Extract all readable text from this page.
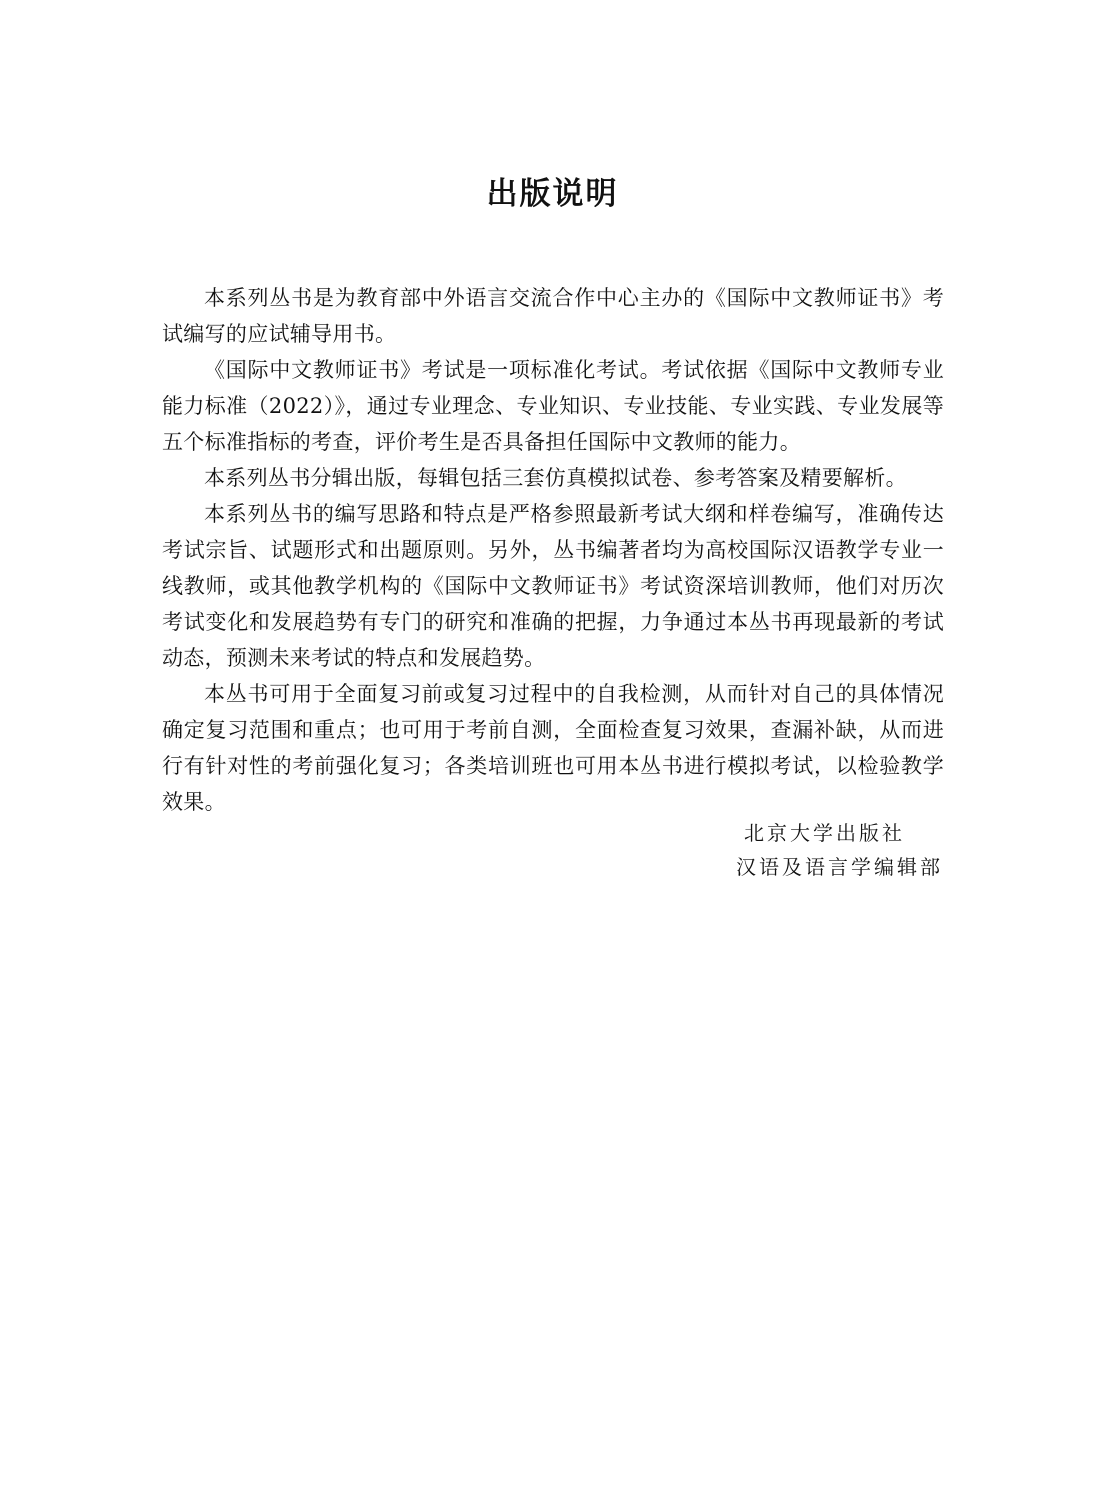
出版说明

本系列丛书是为教育部中外语言交流合作中心主办的《国际中文教师证书》考试编写的应试辅导用书。

《国际中文教师证书》考试是一项标准化考试。考试依据《国际中文教师专业能力标准（2022）》，通过专业理念、专业知识、专业技能、专业实践、专业发展等五个标准指标的考查，评价考生是否具备担任国际中文教师的能力。

本系列丛书分辑出版，每辑包括三套仿真模拟试卷、参考答案及精要解析。

本系列丛书的编写思路和特点是严格参照最新考试大纲和样卷编写，准确传达考试宗旨、试题形式和出题原则。另外，丛书编著者均为高校国际汉语教学专业一线教师，或其他教学机构的《国际中文教师证书》考试资深培训教师，他们对历次考试变化和发展趋势有专门的研究和准确的把握，力争通过本丛书再现最新的考试动态，预测未来考试的特点和发展趋势。

本丛书可用于全面复习前或复习过程中的自我检测，从而针对自己的具体情况确定复习范围和重点；也可用于考前自测，全面检查复习效果，查漏补缺，从而进行有针对性的考前强化复习；各类培训班也可用本丛书进行模拟考试，以检验教学效果。

北京大学出版社
汉语及语言学编辑部
